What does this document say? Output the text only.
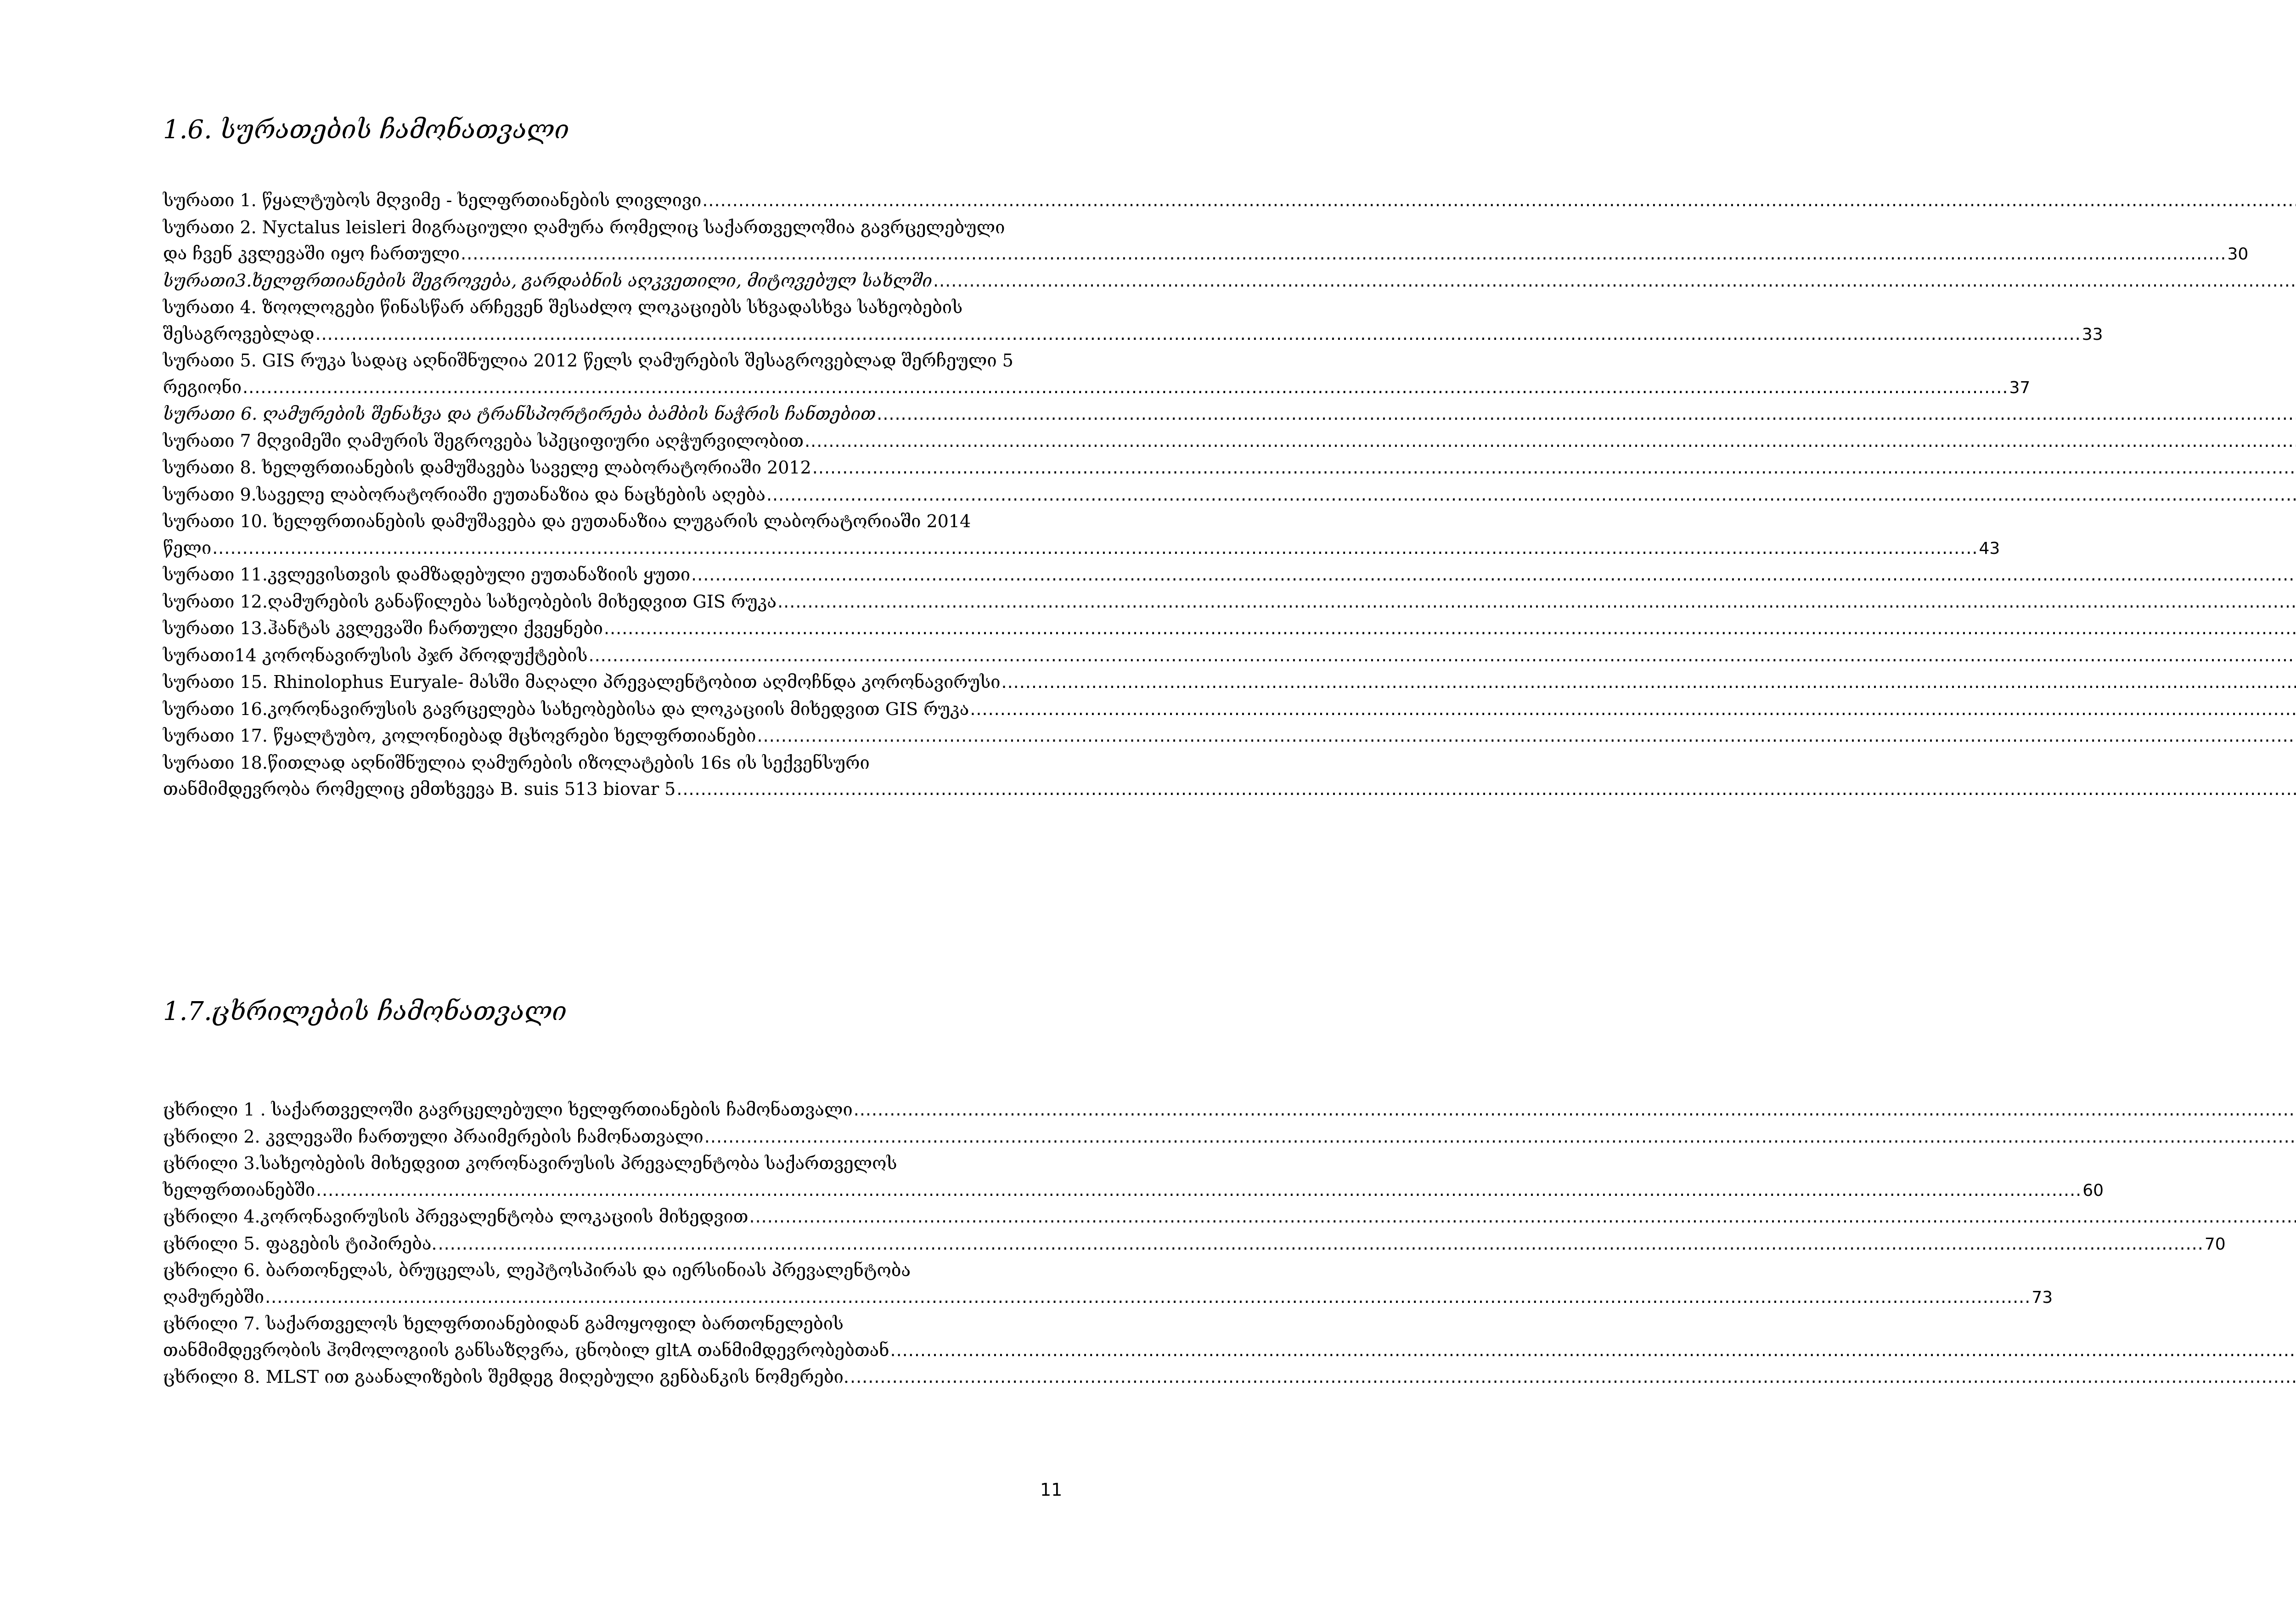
1.6. სურათების ჩამონათვალი
სურათი 1. წყალტუბოს მღვიმე - ხელფრთიანების ლივლივი
.....
სურათი 2. Nyctalus leisleri მიგრაციული ღამურა რომელიც საქართველოშია გავრცელებული
და ჩვენ კვლევაში იყო ჩართული .....	30
სურათი3.ხელფრთიანების შეგროვება, გარდაბნის აღკვეთილი, მიტოვებულ სახლში
.....
სურათი 4. ზოოლოგები წინასწარ არჩევენ შესაძლო ლოკაციებს სხვადასხვა სახეობების
შესაგროვებლად .....	33
სურათი 5. GIS რუკა სადაც აღნიშნულია 2012 წელს ღამურების შესაგროვებლად შერჩეული 5
რეგიონი .....	37
სურათი 6. ღამურების შენახვა და ტრანსპორტირება ბამბის ნაჭრის ჩანთებით
.....
სურათი 7 მღვიმეში ღამურის შეგროვება სპეციფიური აღჭურვილობით
.....
სურათი 8. ხელფრთიანების დამუშავება საველე ლაბორატორიაში 2012
.....
სურათი 9.საველე ლაბორატორიაში ეუთანაზია და ნაცხების აღება
.....
სურათი 10. ხელფრთიანების დამუშავება და ეუთანაზია ლუგარის ლაბორატორიაში 2014
წელი .....	43
სურათი 11.კვლევისთვის დამზადებული ეუთანაზიის ყუთი
.....
სურათი 12.ღამურების განაწილება სახეობების მიხედვით GIS რუკა
.....
სურათი 13.ჰანტას კვლევაში ჩართული ქვეყნები
.....
სურათი14 კორონავირუსის პჯრ პროდუქტების
.....
სურათი 15. Rhinolophus Euryale- მასში მაღალი პრევალენტობით აღმოჩნდა კორონავირუსი
.....
სურათი 16.კორონავირუსის გავრცელება სახეობებისა და ლოკაციის მიხედვით GIS რუკა
.....
სურათი 17. წყალტუბო, კოლონიებად მცხოვრები ხელფრთიანები
.....
სურათი 18.წითლად აღნიშნულია ღამურების იზოლატების 16s ის სექვენსური
თანმიმდევრობა რომელიც ემთხვევა B. suis 513 biovar 5
.....
1.7.ცხრილების ჩამონათვალი
ცხრილი 1 . საქართველოში გავრცელებული ხელფრთიანების ჩამონათვალი
.....
ცხრილი 2. კვლევაში ჩართული პრაიმერების ჩამონათვალი
.....
ცხრილი 3.სახეობების მიხედვით კორონავირუსის პრევალენტობა საქართველოს
ხელფრთიანებში .....	60
ცხრილი 4.კორონავირუსის პრევალენტობა ლოკაციის მიხედვით
.....
ცხრილი 5. ფაგების ტიპირება. .....	70
ცხრილი 6. ბართონელას, ბრუცელას, ლეპტოსპირას და იერსინიას პრევალენტობა
ღამურებში .....	73
ცხრილი 7. საქართველოს ხელფრთიანებიდან გამოყოფილ ბართონელების
თანმიმდევრობის ჰომოლოგიის განსაზღვრა, ცნობილ gltA თანმიმდევრობებთან
.....
ცხრილი 8. MLST ით გაანალიზების შემდეგ მიღებული გენბანკის ნომერები.
.....
11
